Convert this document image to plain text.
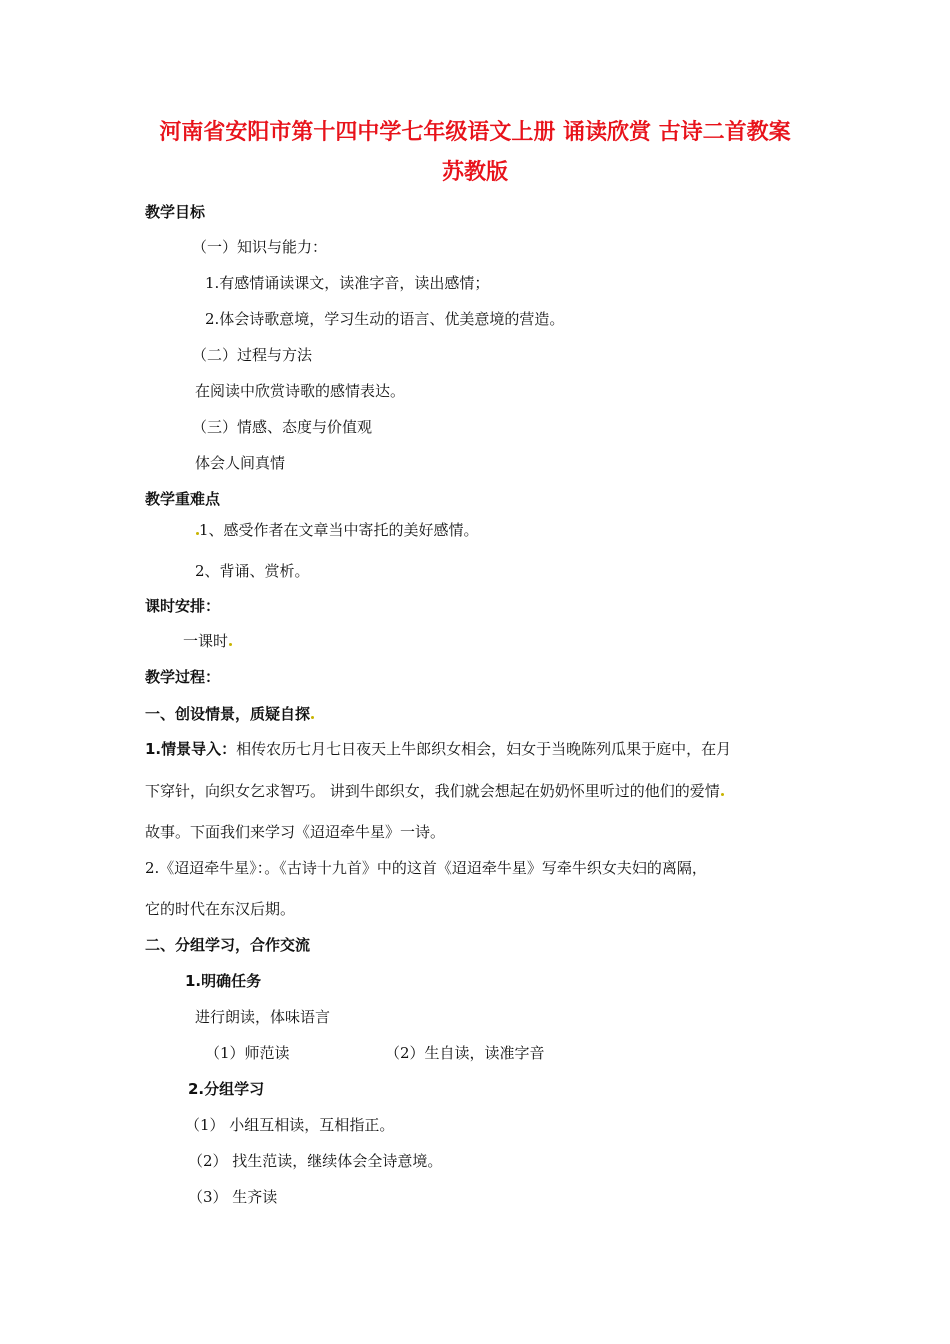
河南省安阳市第十四中学七年级语文上册 诵读欣赏 古诗二首教案
苏教版
教学目标
（一）知识与能力：
1.有感情诵读课文，读准字音，读出感情；
2.体会诗歌意境，学习生动的语言、优美意境的营造。
（二）过程与方法
在阅读中欣赏诗歌的感情表达。
（三）情感、态度与价值观
体会人间真情
教学重难点
1、感受作者在文章当中寄托的美好感情。
2、背诵、赏析。
课时安排：
一课时
教学过程：
一、创设情景，质疑自探
1.情景导入：相传农历七月七日夜天上牛郎织女相会，妇女于当晚陈列瓜果于庭中，在月
下穿针，向织女乞求智巧。 讲到牛郎织女，我们就会想起在奶奶怀里听过的他们的爱情
故事。下面我们来学习《迢迢牵牛星》一诗。
2.《迢迢牵牛星》：。《古诗十九首》中的这首《迢迢牵牛星》写牵牛织女夫妇的离隔，
它的时代在东汉后期。
二、分组学习，合作交流
1.明确任务
进行朗读，体味语言
（1）师范读	（2）生自读，读准字音
2.分组学习
（1） 小组互相读，互相指正。
（2） 找生范读，继续体会全诗意境。
（3） 生齐读
